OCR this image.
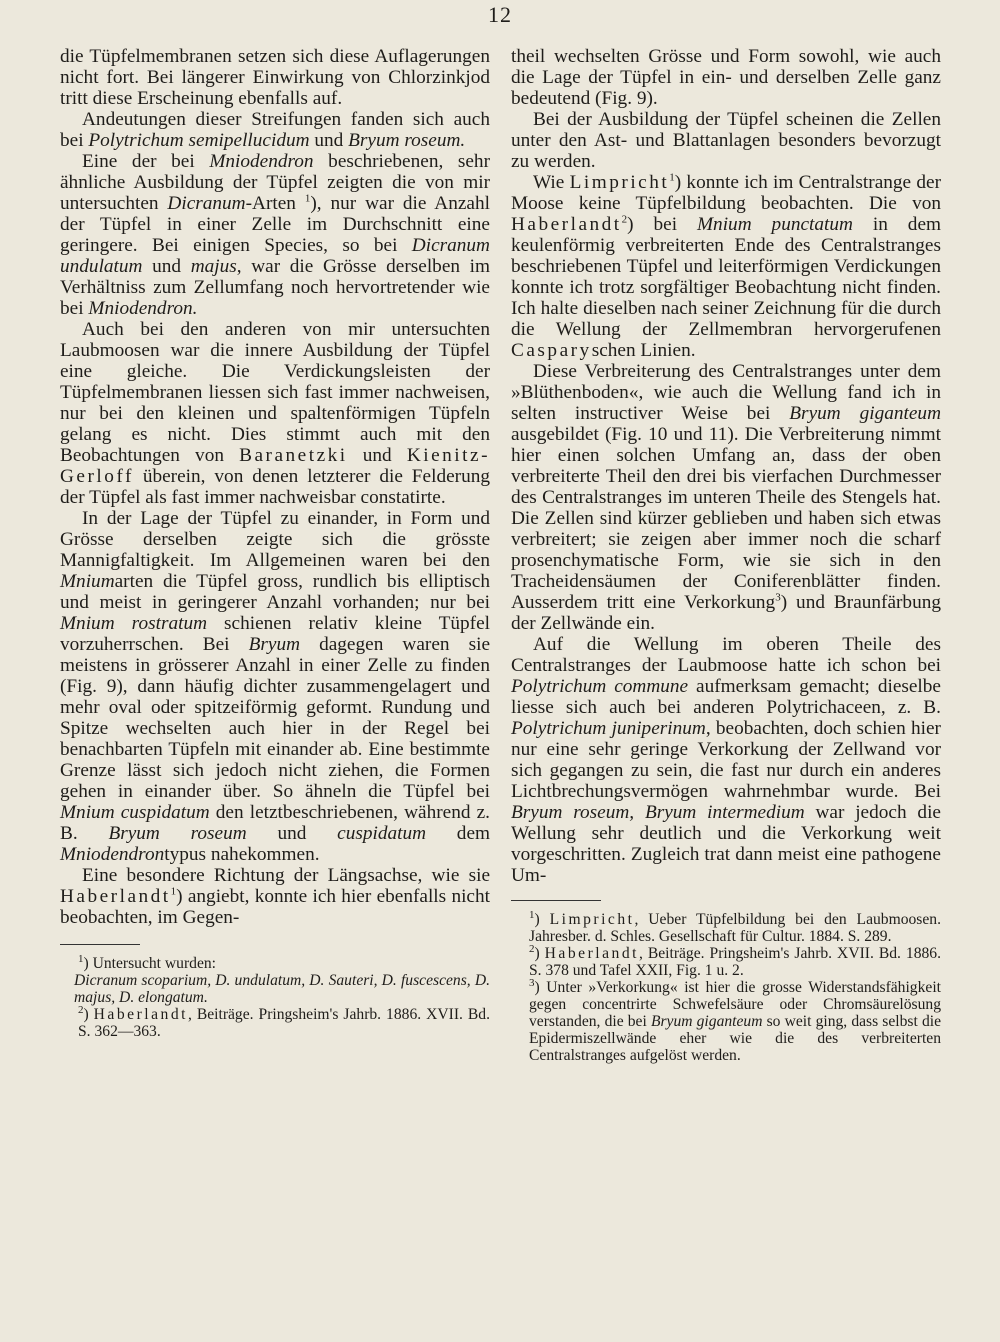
12

die Tüpfelmembranen setzen sich diese Auflagerungen nicht fort. Bei längerer Einwirkung von Chlorzinkjod tritt diese Erscheinung ebenfalls auf.

Andeutungen dieser Streifungen fanden sich auch bei Polytrichum semipellucidum und Bryum roseum.

Eine der bei Mniodendron beschriebenen, sehr ähnliche Ausbildung der Tüpfel zeigten die von mir untersuchten Dicranum-Arten $^1$), nur war die Anzahl der Tüpfel in einer Zelle im Durchschnitt eine geringere. Bei einigen Species, so bei Dicranum undulatum und majus, war die Grösse derselben im Verhältniss zum Zellumfang noch hervortretender wie bei Mniodendron.

Auch bei den anderen von mir untersuchten Laubmoosen war die innere Ausbildung der Tüpfel eine gleiche. Die Verdickungsleisten der Tüpfelmembranen liessen sich fast immer nachweisen, nur bei den kleinen und spaltenförmigen Tüpfeln gelang es nicht. Dies stimmt auch mit den Beobachtungen von Baranetzki und Kienitz-Gerloff überein, von denen letzterer die Felderung der Tüpfel als fast immer nachweisbar constatirte.

In der Lage der Tüpfel zu einander, in Form und Grösse derselben zeigte sich die grösste Mannigfaltigkeit. Im Allgemeinen waren bei den Mniumarten die Tüpfel gross, rundlich bis elliptisch und meist in geringerer Anzahl vorhanden; nur bei Mnium rostratum schienen relativ kleine Tüpfel vorzuherrschen. Bei Bryum dagegen waren sie meistens in grösserer Anzahl in einer Zelle zu finden (Fig. 9), dann häufig dichter zusammengelagert und mehr oval oder spitzeiförmig geformt. Rundung und Spitze wechselten auch hier in der Regel bei benachbarten Tüpfeln mit einander ab. Eine bestimmte Grenze lässt sich jedoch nicht ziehen, die Formen gehen in einander über. So ähneln die Tüpfel bei Mnium cuspidatum den letztbeschriebenen, während z. B. Bryum roseum und cuspidatum dem Mniodendrontypus nahekommen.

Eine besondere Richtung der Längsachse, wie sie Haberlandt$^1$) angiebt, konnte ich hier ebenfalls nicht beobachten, im Gegen-

$^1$) Untersucht wurden:

Dicranum scoparium, D. undulatum, D. Sauteri, D. fuscescens, D. majus, D. elongatum.

$^2$) Haberlandt, Beiträge. Pringsheim's Jahrb. 1886. XVII. Bd. S. 362—363.

theil wechselten Grösse und Form sowohl, wie auch die Lage der Tüpfel in ein- und derselben Zelle ganz bedeutend (Fig. 9).

Bei der Ausbildung der Tüpfel scheinen die Zellen unter den Ast- und Blattanlagen besonders bevorzugt zu werden.

Wie Limpricht$^1$) konnte ich im Centralstrange der Moose keine Tüpfelbildung beobachten. Die von Haberlandt$^2$) bei Mnium punctatum in dem keulenförmig verbreiterten Ende des Centralstranges beschriebenen Tüpfel und leiterförmigen Verdickungen konnte ich trotz sorgfältiger Beobachtung nicht finden. Ich halte dieselben nach seiner Zeichnung für die durch die Wellung der Zellmembran hervorgerufenen Casparyschen Linien.

Diese Verbreiterung des Centralstranges unter dem »Blüthenboden«, wie auch die Wellung fand ich in selten instructiver Weise bei Bryum giganteum ausgebildet (Fig. 10 und 11). Die Verbreiterung nimmt hier einen solchen Umfang an, dass der oben verbreiterte Theil den drei bis vierfachen Durchmesser des Centralstranges im unteren Theile des Stengels hat. Die Zellen sind kürzer geblieben und haben sich etwas verbreitert; sie zeigen aber immer noch die scharf prosenchymatische Form, wie sie sich in den Tracheidensäumen der Coniferenblätter finden. Ausserdem tritt eine Verkorkung$^3$) und Braunfärbung der Zellwände ein.

Auf die Wellung im oberen Theile des Centralstranges der Laubmoose hatte ich schon bei Polytrichum commune aufmerksam gemacht; dieselbe liesse sich auch bei anderen Polytrichaceen, z. B. Polytrichum juniperinum, beobachten, doch schien hier nur eine sehr geringe Verkorkung der Zellwand vor sich gegangen zu sein, die fast nur durch ein anderes Lichtbrechungsvermögen wahrnehmbar wurde. Bei Bryum roseum, Bryum intermedium war jedoch die Wellung sehr deutlich und die Verkorkung weit vorgeschritten. Zugleich trat dann meist eine pathogene Um-

$^1$) Limpricht, Ueber Tüpfelbildung bei den Laubmoosen. Jahresber. d. Schles. Gesellschaft für Cultur. 1884. S. 289.

$^2$) Haberlandt, Beiträge. Pringsheim's Jahrb. XVII. Bd. 1886. S. 378 und Tafel XXII, Fig. 1 u. 2.

$^3$) Unter »Verkorkung« ist hier die grosse Widerstandsfähigkeit gegen concentrirte Schwefelsäure oder Chromsäurelösung verstanden, die bei Bryum giganteum so weit ging, dass selbst die Epidermiszellwände eher wie die des verbreiterten Centralstranges aufgelöst werden.
